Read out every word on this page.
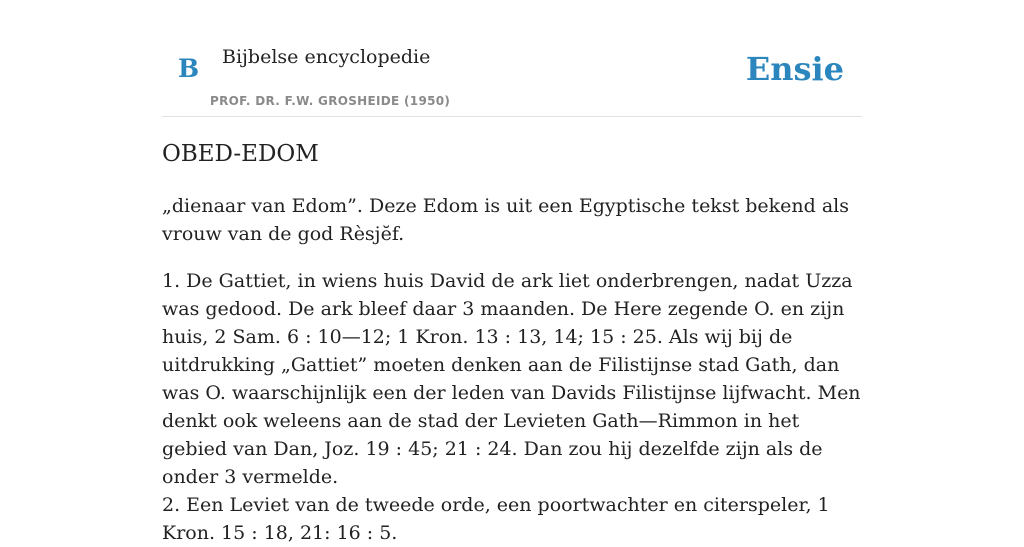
B Bijbelse encyclopedie
PROF. DR. F.W. GROSHEIDE (1950)
Ensie
OBED-EDOM

„dienaar van Edom”. Deze Edom is uit een Egyptische tekst bekend als vrouw van de god Rèsjĕf.

1. De Gattiet, in wiens huis David de ark liet onderbrengen, nadat Uzza was gedood. De ark bleef daar 3 maanden. De Here zegende O. en zijn huis, 2 Sam. 6 : 10—12; 1 Kron. 13 : 13, 14; 15 : 25. Als wij bij de uitdrukking „Gattiet” moeten denken aan de Filistijnse stad Gath, dan was O. waarschijnlijk een der leden van Davids Filistijnse lijfwacht. Men denkt ook weleens aan de stad der Levieten Gath—Rimmon in het gebied van Dan, Joz. 19 : 45; 21 : 24. Dan zou hij dezelfde zijn als de onder 3 vermelde.
2. Een Leviet van de tweede orde, een poortwachter en citerspeler, 1 Kron. 15 : 18, 21: 16 : 5.
